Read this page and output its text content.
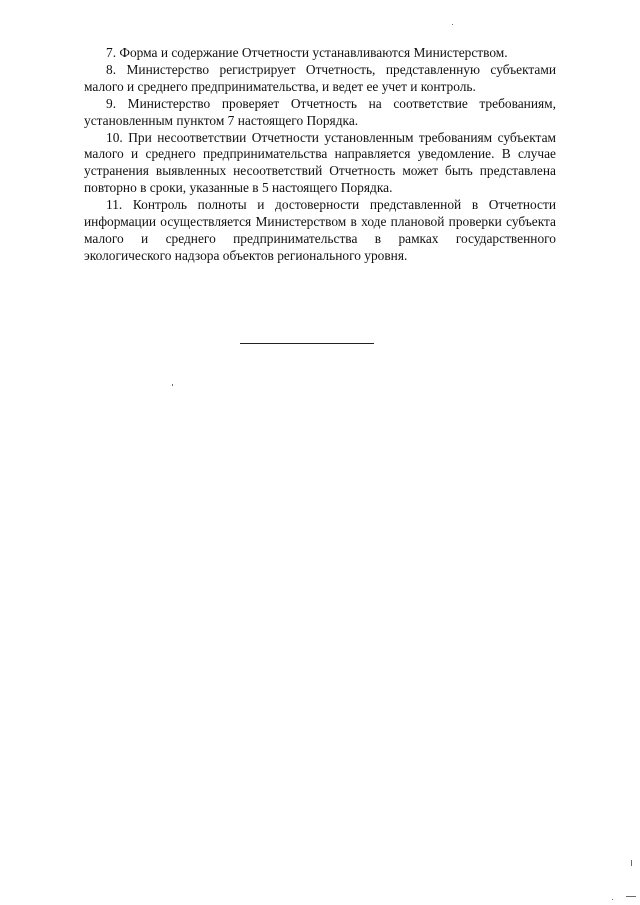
7. Форма и содержание Отчетности устанавливаются Министерством.

8. Министерство регистрирует Отчетность, представленную субъектами малого и среднего предпринимательства, и ведет ее учет и контроль.

9. Министерство проверяет Отчетность на соответствие требованиям, установленным пунктом 7 настоящего Порядка.

10. При несоответствии Отчетности установленным требованиям субъектам малого и среднего предпринимательства направляется уведомление. В случае устранения выявленных несоответствий Отчетность может быть представлена повторно в сроки, указанные в 5 настоящего Порядка.

11. Контроль полноты и достоверности представленной в Отчетности информации осуществляется Министерством в ходе плановой проверки субъекта малого и среднего предпринимательства в рамках государственного экологического надзора объектов регионального уровня.
